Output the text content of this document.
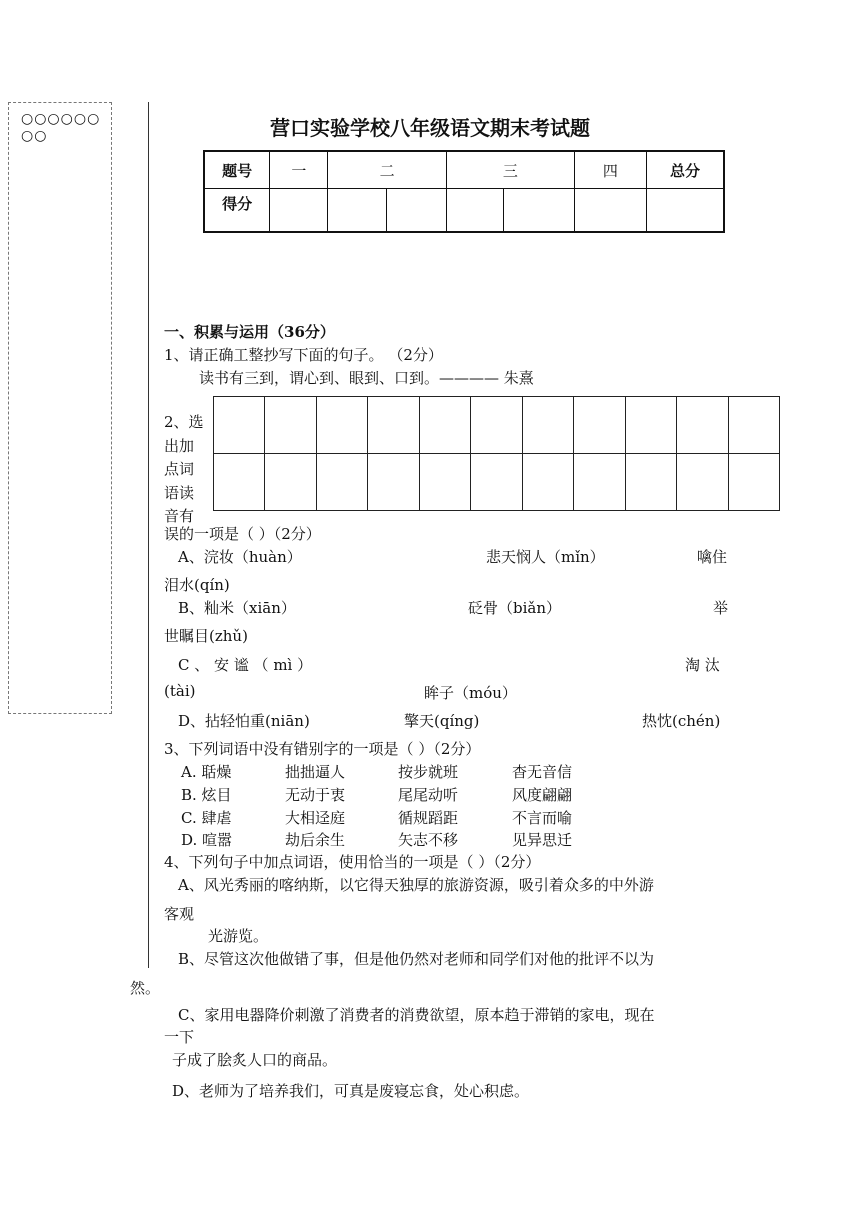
○○○○○○○○	营口实验学校八年级语文期末考试题
题号	一	二		三		四	总分
得分							
一、积累与运用（36分）
1、请正确工整抄写下面的句子。 （2分）
读书有三到，谓心到、眼到、口到。———— 朱熹
2、选出加点词语读音有

误的一项是（ ）（2分）
A、浣妆（huàn）	悲天悯人（mǐn）	噙住
泪水(qín)
B、籼米（xiān）	砭骨（biǎn）	举
世瞩目(zhǔ)
C 、 安 谧 （ mì ）	淘 汰
(tài)	眸子（móu）
D、拈轻怕重(niān)	擎天(qíng)	热忱(chén)
3、下列词语中没有错别字的一项是（ ）（2分）
A. 聒燥	拙拙逼人	按步就班	杳无音信
B. 炫目	无动于衷	尾尾动听	风度翩翩
C. 肆虐	大相迳庭	循规蹈距	不言而喻
D. 喧嚣	劫后余生	矢志不移	见异思迁
4、下列句子中加点词语，使用恰当的一项是（ ）（2分）
A、风光秀丽的喀纳斯，以它得天独厚的旅游资源，吸引着众多的中外游
客观
光游览。
B、尽管这次他做错了事，但是他仍然对老师和同学们对他的批评不以为
然。
C、家用电器降价刺激了消费者的消费欲望，原本趋于滞销的家电，现在
一下
子成了脍炙人口的商品。
D、老师为了培养我们，可真是废寝忘食，处心积虑。
